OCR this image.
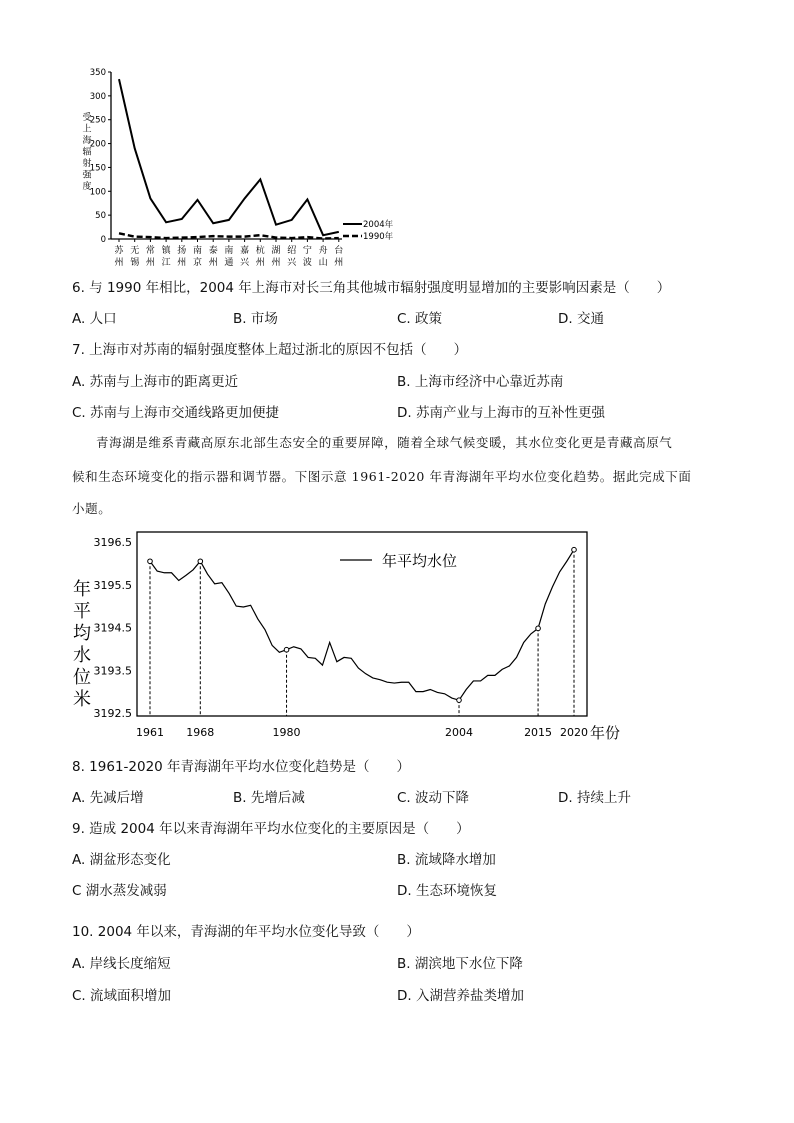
0
50
100
150
200
250
300
350
受
上
海
辐
射
强
度
苏
州
无
锡
常
州
镇
江
扬
州
南
京
泰
州
南
通
嘉
兴
杭
州
湖
州
绍
兴
宁
波
舟
山
台
州
2004年
1990年
6. 与 1990 年相比，2004 年上海市对长三角其他城市辐射强度明显增加的主要影响因素是（　　）
A. 人口	B. 市场	C. 政策	D. 交通
7. 上海市对苏南的辐射强度整体上超过浙北的原因不包括（　　）
A. 苏南与上海市的距离更近	B. 上海市经济中心靠近苏南
C. 苏南与上海市交通线路更加便捷	D. 苏南产业与上海市的互补性更强
青海湖是维系青藏高原东北部生态安全的重要屏障，随着全球气候变暖，其水位变化更是青藏高原气
候和生态环境变化的指示器和调节器。下图示意 1961-2020 年青海湖年平均水位变化趋势。据此完成下面
小题。
3192.5
3193.5
3194.5
3195.5
3196.5
年
平
均
水
位
米
1961 1968	1980	2004	2015 2020
年平均水位
年份
8. 1961-2020 年青海湖年平均水位变化趋势是（　　）
A. 先减后增	B. 先增后减	C. 波动下降	D. 持续上升
9. 造成 2004 年以来青海湖年平均水位变化的主要原因是（　　）
A. 湖盆形态变化	B. 流域降水增加
C 湖水蒸发减弱	D. 生态环境恢复
10. 2004 年以来，青海湖的年平均水位变化导致（　　）
A. 岸线长度缩短	B. 湖滨地下水位下降
C. 流域面积增加	D. 入湖营养盐类增加
